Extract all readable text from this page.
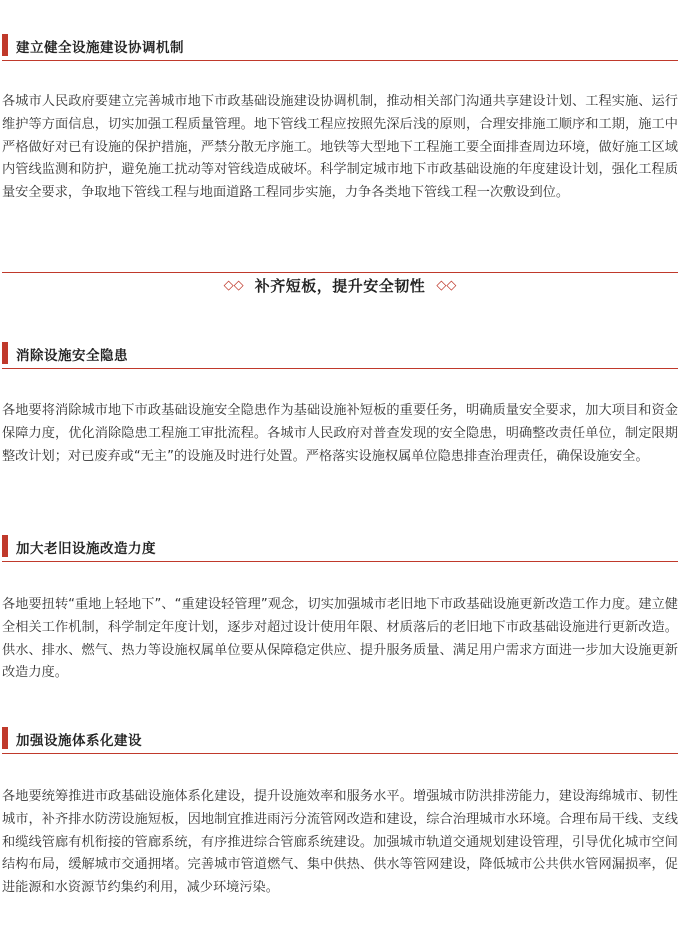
建立健全设施建设协调机制

各城市人民政府要建立完善城市地下市政基础设施建设协调机制，推动相关部门沟通共享建设计划、工程实施、运行维护等方面信息，切实加强工程质量管理。地下管线工程应按照先深后浅的原则，合理安排施工顺序和工期，施工中严格做好对已有设施的保护措施，严禁分散无序施工。地铁等大型地下工程施工要全面排查周边环境，做好施工区域内管线监测和防护，避免施工扰动等对管线造成破坏。科学制定城市地下市政基础设施的年度建设计划，强化工程质量安全要求，争取地下管线工程与地面道路工程同步实施，力争各类地下管线工程一次敷设到位。

◇◇ 补齐短板，提升安全韧性 ◇◇
消除设施安全隐患

各地要将消除城市地下市政基础设施安全隐患作为基础设施补短板的重要任务，明确质量安全要求，加大项目和资金保障力度，优化消除隐患工程施工审批流程。各城市人民政府对普查发现的安全隐患，明确整改责任单位，制定限期整改计划；对已废弃或“无主”的设施及时进行处置。严格落实设施权属单位隐患排查治理责任，确保设施安全。

加大老旧设施改造力度

各地要扭转“重地上轻地下”、“重建设轻管理”观念，切实加强城市老旧地下市政基础设施更新改造工作力度。建立健全相关工作机制，科学制定年度计划，逐步对超过设计使用年限、材质落后的老旧地下市政基础设施进行更新改造。供水、排水、燃气、热力等设施权属单位要从保障稳定供应、提升服务质量、满足用户需求方面进一步加大设施更新改造力度。

加强设施体系化建设

各地要统筹推进市政基础设施体系化建设，提升设施效率和服务水平。增强城市防洪排涝能力，建设海绵城市、韧性城市，补齐排水防涝设施短板，因地制宜推进雨污分流管网改造和建设，综合治理城市水环境。合理布局干线、支线和缆线管廊有机衔接的管廊系统，有序推进综合管廊系统建设。加强城市轨道交通规划建设管理，引导优化城市空间结构布局，缓解城市交通拥堵。完善城市管道燃气、集中供热、供水等管网建设，降低城市公共供水管网漏损率，促进能源和水资源节约集约利用，减少环境污染。
